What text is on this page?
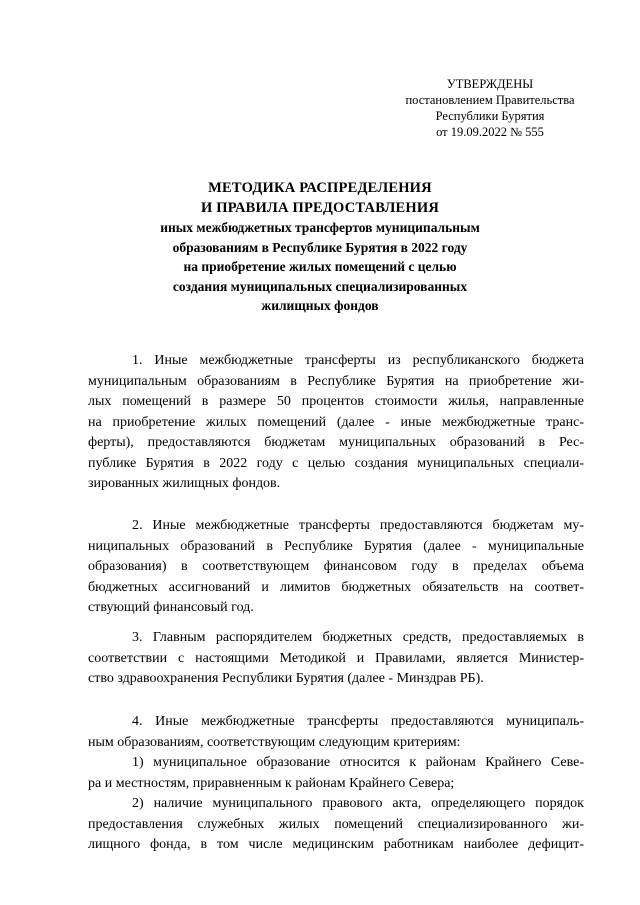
УТВЕРЖДЕНЫ
постановлением Правительства
Республики Бурятия
от 19.09.2022 № 555
МЕТОДИКА РАСПРЕДЕЛЕНИЯ
И ПРАВИЛА ПРЕДОСТАВЛЕНИЯ
иных межбюджетных трансфертов муниципальным
образованиям в Республике Бурятия в 2022 году
на приобретение жилых помещений с целью
создания муниципальных специализированных
жилищных фондов
1. Иные межбюджетные трансферты из республиканского бюджета
муниципальным образованиям в Республике Бурятия на приобретение жи-
лых помещений в размере 50 процентов стоимости жилья, направленные
на приобретение жилых помещений (далее - иные межбюджетные транс-
ферты), предоставляются бюджетам муниципальных образований в Рес-
публике Бурятия в 2022 году с целью создания муниципальных специали-
зированных жилищных фондов.
2. Иные межбюджетные трансферты предоставляются бюджетам му-
ниципальных образований в Республике Бурятия (далее - муниципальные
образования) в соответствующем финансовом году в пределах объема
бюджетных ассигнований и лимитов бюджетных обязательств на соответ-
ствующий финансовый год.
3. Главным распорядителем бюджетных средств, предоставляемых в
соответствии с настоящими Методикой и Правилами, является Министер-
ство здравоохранения Республики Бурятия (далее - Минздрав РБ).
4. Иные межбюджетные трансферты предоставляются муниципаль-
ным образованиям, соответствующим следующим критериям:
1) муниципальное образование относится к районам Крайнего Севе-
ра и местностям, приравненным к районам Крайнего Севера;
2) наличие муниципального правового акта, определяющего порядок
предоставления служебных жилых помещений специализированного жи-
лищного фонда, в том числе медицинским работникам наиболее дефицит-
